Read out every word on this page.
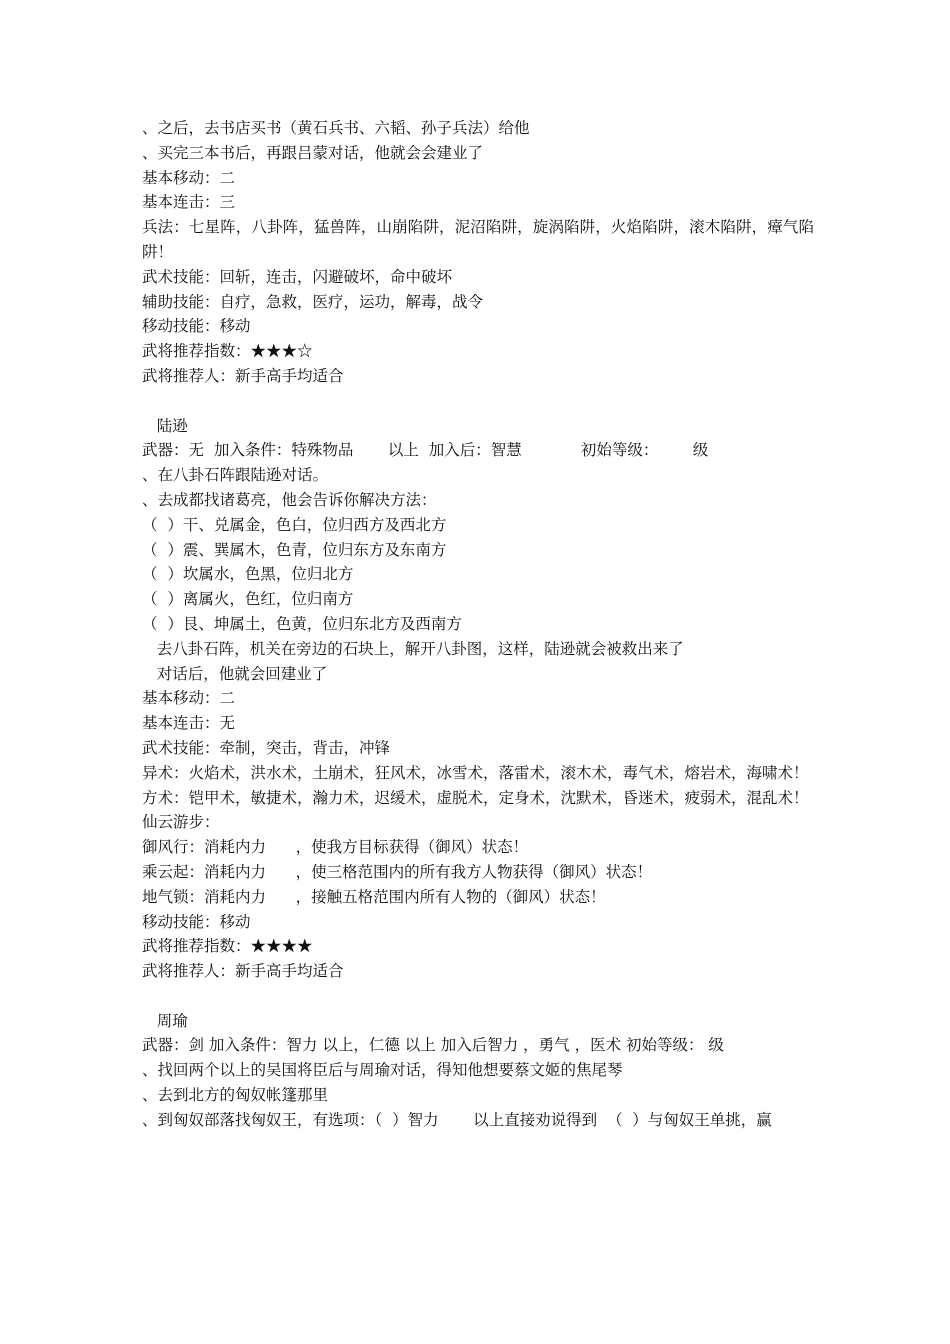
、之后，去书店买书（黄石兵书、六韬、孙子兵法）给他
、买完三本书后，再跟吕蒙对话，他就会会建业了
基本移动：二
基本连击：三
兵法：七星阵，八卦阵，猛兽阵，山崩陷阱，泥沼陷阱，旋涡陷阱，火焰陷阱，滚木陷阱，瘴气陷阱！
武术技能：回斩，连击，闪避破坏，命中破坏
辅助技能：自疗，急救，医疗，运功，解毒，战令
移动技能：移动
武将推荐指数：★★★☆
武将推荐人：新手高手均适合
陆逊
武器：无  加入条件：特殊物品       以上  加入后：智慧            初始等级：       级
、在八卦石阵跟陆逊对话。
、去成都找诸葛亮，他会告诉你解决方法：
（  ）干、兑属金，色白，位归西方及西北方
（  ）震、巽属木，色青，位归东方及东南方
（  ）坎属水，色黑，位归北方
（  ）离属火，色红，位归南方
（  ）艮、坤属土，色黄，位归东北方及西南方
去八卦石阵，机关在旁边的石块上，解开八卦图，这样，陆逊就会被救出来了
对话后，他就会回建业了
基本移动：二
基本连击：无
武术技能：牵制，突击，背击，冲锋
异术：火焰术，洪水术，土崩术，狂风术，冰雪术，落雷术，滚木术，毒气术，熔岩术，海啸术！
方术：铠甲术，敏捷术，瀚力术，迟缓术，虚脱术，定身术，沈默术，昏迷术，疲弱术，混乱术！
仙云游步：
御风行：消耗内力      ，使我方目标获得（御风）状态！
乘云起：消耗内力      ，使三格范围内的所有我方人物获得（御风）状态！
地气锁：消耗内力      ，接触五格范围内所有人物的（御风）状态！
移动技能：移动
武将推荐指数：★★★★
武将推荐人：新手高手均适合
周瑜
武器：剑 加入条件：智力 以上，仁德 以上 加入后智力 ，勇气 ，医术 初始等级： 级
、找回两个以上的吴国将臣后与周瑜对话，得知他想要蔡文姬的焦尾琴
、去到北方的匈奴帐篷那里
、到匈奴部落找匈奴王，有选项：（  ）智力       以上直接劝说得到  （  ）与匈奴王单挑，赢
